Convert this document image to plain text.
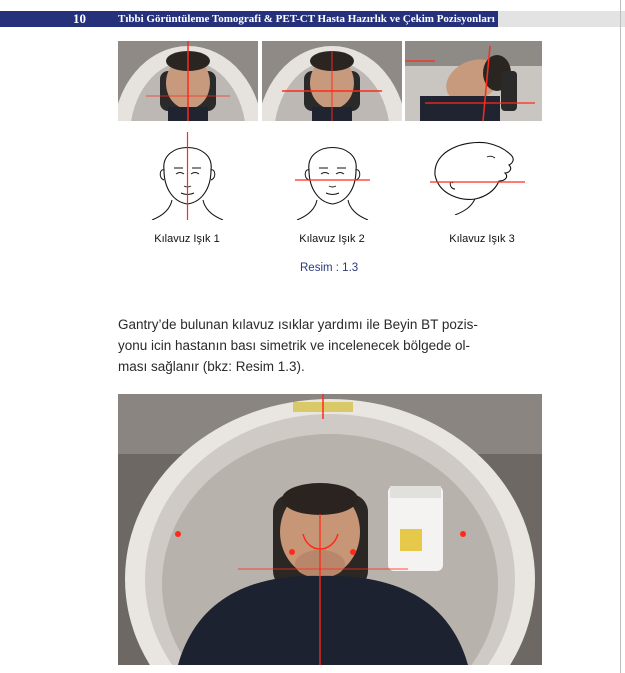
10	Tıbbi Görüntüleme Tomografi & PET-CT Hasta Hazırlık ve Çekim Pozisyonları
Kılavuz Işık 1	Kılavuz Işık 2	Kılavuz Işık 3
Resim : 1.3
Gantry’de bulunan kılavuz ısıklar yardımı ile Beyin BT pozis-
yonu icin hastanın bası simetrik ve incelenecek bölgede ol-
ması sağlanır (bkz: Resim 1.3).
